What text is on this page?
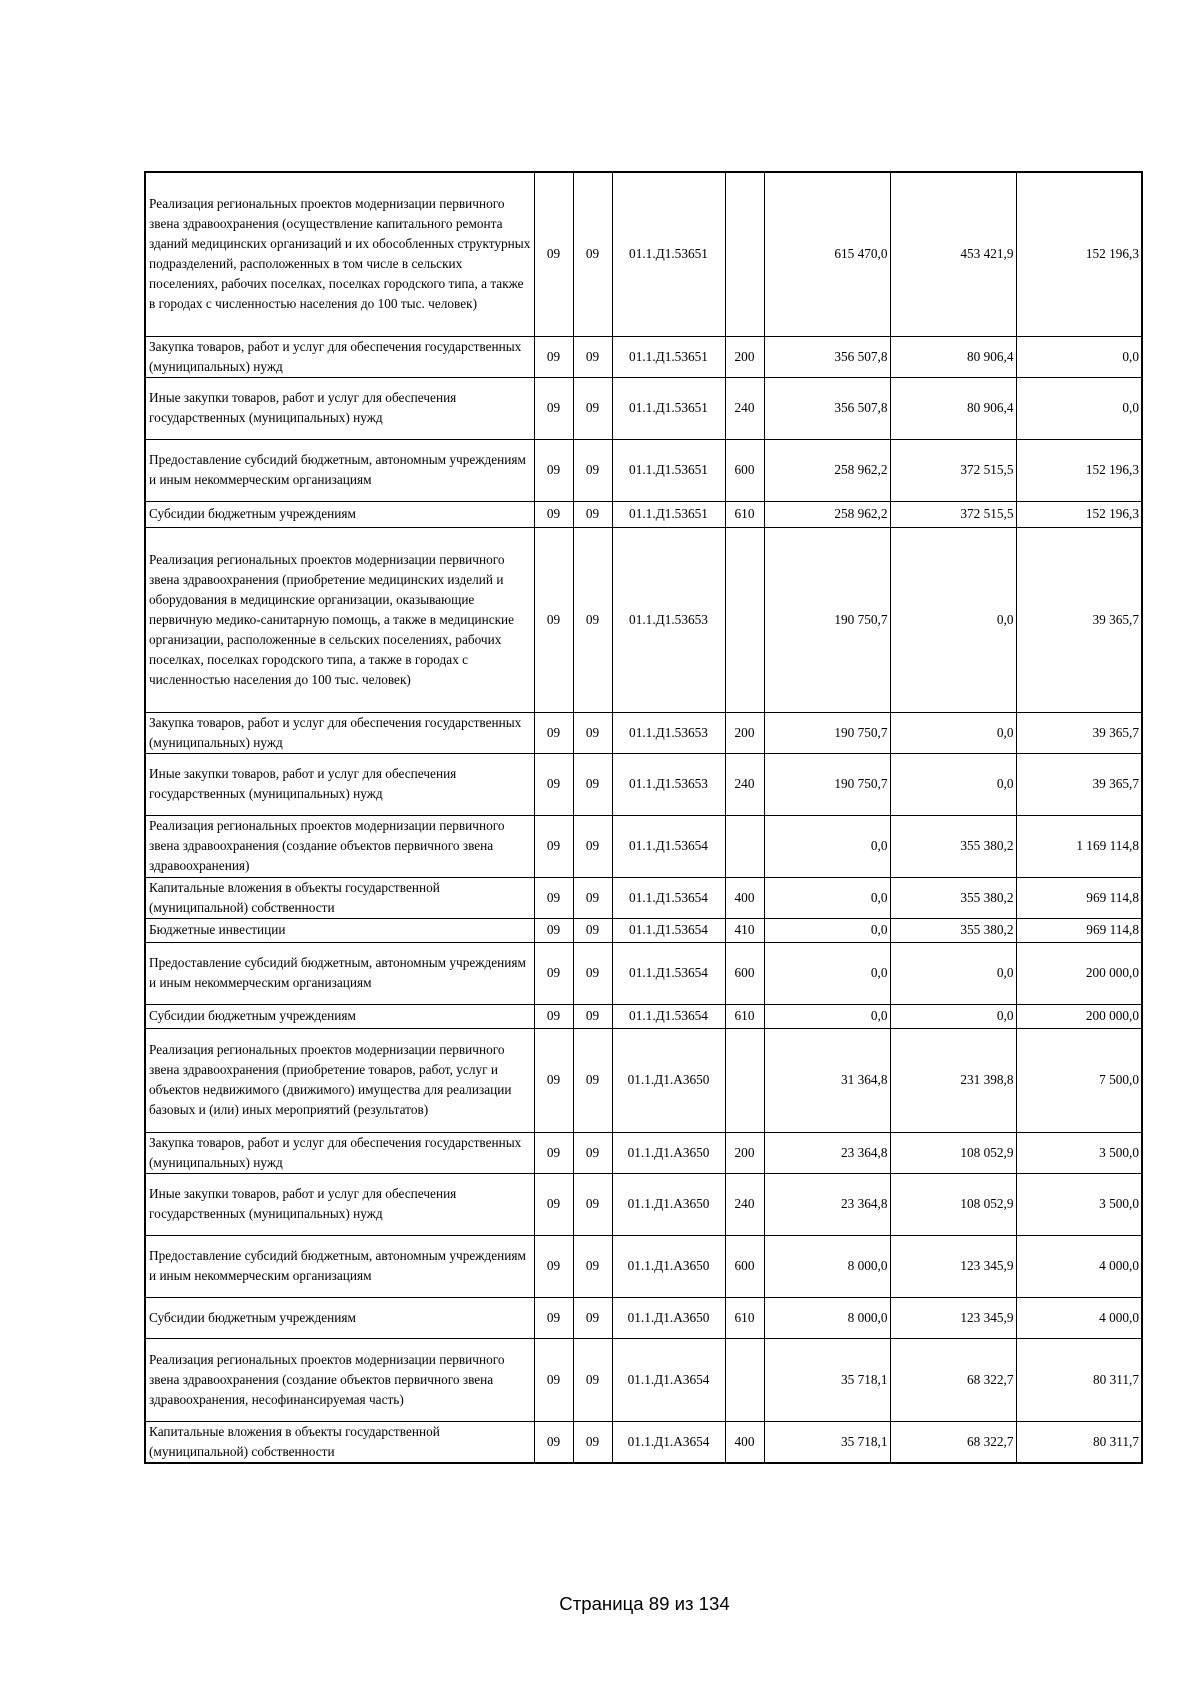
Реализация региональных проектов модернизации первичного звена здравоохранения (осуществление капитального ремонта зданий медицинских организаций и их обособленных структурных подразделений, расположенных в том числе в сельских поселениях, рабочих поселках, поселках городского типа, а также в городах с численностью населения до 100 тыс. человек)	09	09	01.1.Д1.53651		615 470,0	453 421,9	152 196,3
Закупка товаров, работ и услуг для обеспечения государственных (муниципальных) нужд	09	09	01.1.Д1.53651	200	356 507,8	80 906,4	0,0
Иные закупки товаров, работ и услуг для обеспечения государственных (муниципальных) нужд	09	09	01.1.Д1.53651	240	356 507,8	80 906,4	0,0
Предоставление субсидий бюджетным, автономным учреждениям и иным некоммерческим организациям	09	09	01.1.Д1.53651	600	258 962,2	372 515,5	152 196,3
Субсидии бюджетным учреждениям	09	09	01.1.Д1.53651	610	258 962,2	372 515,5	152 196,3
Реализация региональных проектов модернизации первичного звена здравоохранения (приобретение медицинских изделий и оборудования в медицинские организации, оказывающие первичную медико-санитарную помощь, а также в медицинские организации, расположенные в сельских поселениях, рабочих поселках, поселках городского типа, а также в городах с численностью населения до 100 тыс. человек)	09	09	01.1.Д1.53653		190 750,7	0,0	39 365,7
Закупка товаров, работ и услуг для обеспечения государственных (муниципальных) нужд	09	09	01.1.Д1.53653	200	190 750,7	0,0	39 365,7
Иные закупки товаров, работ и услуг для обеспечения государственных (муниципальных) нужд	09	09	01.1.Д1.53653	240	190 750,7	0,0	39 365,7
Реализация региональных проектов модернизации первичного звена здравоохранения (создание объектов первичного звена здравоохранения)	09	09	01.1.Д1.53654		0,0	355 380,2	1 169 114,8
Капитальные вложения в объекты государственной (муниципальной) собственности	09	09	01.1.Д1.53654	400	0,0	355 380,2	969 114,8
Бюджетные инвестиции	09	09	01.1.Д1.53654	410	0,0	355 380,2	969 114,8
Предоставление субсидий бюджетным, автономным учреждениям и иным некоммерческим организациям	09	09	01.1.Д1.53654	600	0,0	0,0	200 000,0
Субсидии бюджетным учреждениям	09	09	01.1.Д1.53654	610	0,0	0,0	200 000,0
Реализация региональных проектов модернизации первичного звена здравоохранения (приобретение товаров, работ, услуг и объектов недвижимого (движимого) имущества для реализации базовых и (или) иных мероприятий (результатов)	09	09	01.1.Д1.А3650		31 364,8	231 398,8	7 500,0
Закупка товаров, работ и услуг для обеспечения государственных (муниципальных) нужд	09	09	01.1.Д1.А3650	200	23 364,8	108 052,9	3 500,0
Иные закупки товаров, работ и услуг для обеспечения государственных (муниципальных) нужд	09	09	01.1.Д1.А3650	240	23 364,8	108 052,9	3 500,0
Предоставление субсидий бюджетным, автономным учреждениям и иным некоммерческим организациям	09	09	01.1.Д1.А3650	600	8 000,0	123 345,9	4 000,0
Субсидии бюджетным учреждениям	09	09	01.1.Д1.А3650	610	8 000,0	123 345,9	4 000,0
Реализация региональных проектов модернизации первичного звена здравоохранения (создание объектов первичного звена здравоохранения, несофинансируемая часть)	09	09	01.1.Д1.А3654		35 718,1	68 322,7	80 311,7
Капитальные вложения в объекты государственной (муниципальной) собственности	09	09	01.1.Д1.А3654	400	35 718,1	68 322,7	80 311,7
Страница 89 из 134
